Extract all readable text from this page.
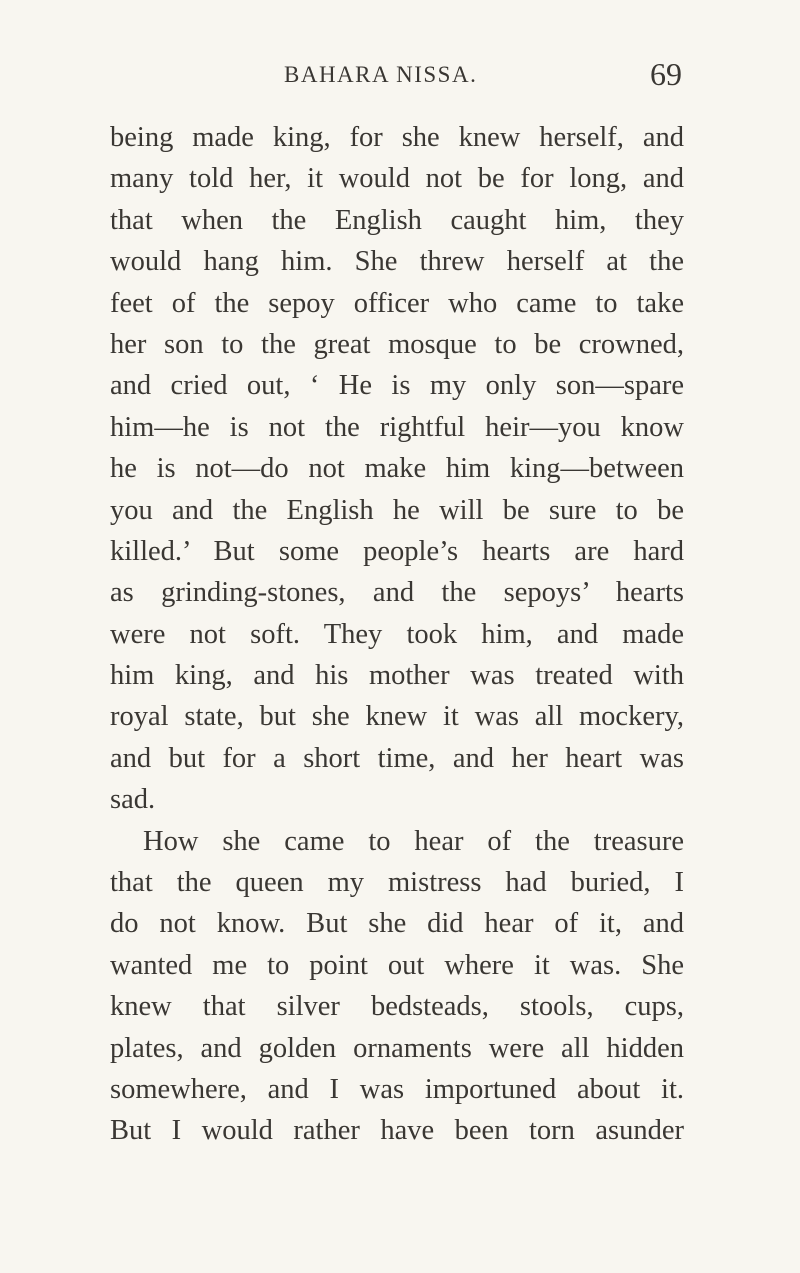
BAHARA NISSA.	69
being made king, for she knew herself, and
many told her, it would not be for long, and
that when the English caught him, they
would hang him. She threw herself at the
feet of the sepoy officer who came to take
her son to the great mosque to be crowned,
and cried out, ‘ He is my only son—spare
him—he is not the rightful heir—you know
he is not—do not make him king—between
you and the English he will be sure to be
killed.’ But some people’s hearts are hard
as grinding-stones, and the sepoys’ hearts
were not soft. They took him, and made
him king, and his mother was treated with
royal state, but she knew it was all mockery,
and but for a short time, and her heart was
sad.
How she came to hear of the treasure
that the queen my mistress had buried, I
do not know. But she did hear of it, and
wanted me to point out where it was. She
knew that silver bedsteads, stools, cups,
plates, and golden ornaments were all hidden
somewhere, and I was importuned about it.
But I would rather have been torn asunder
